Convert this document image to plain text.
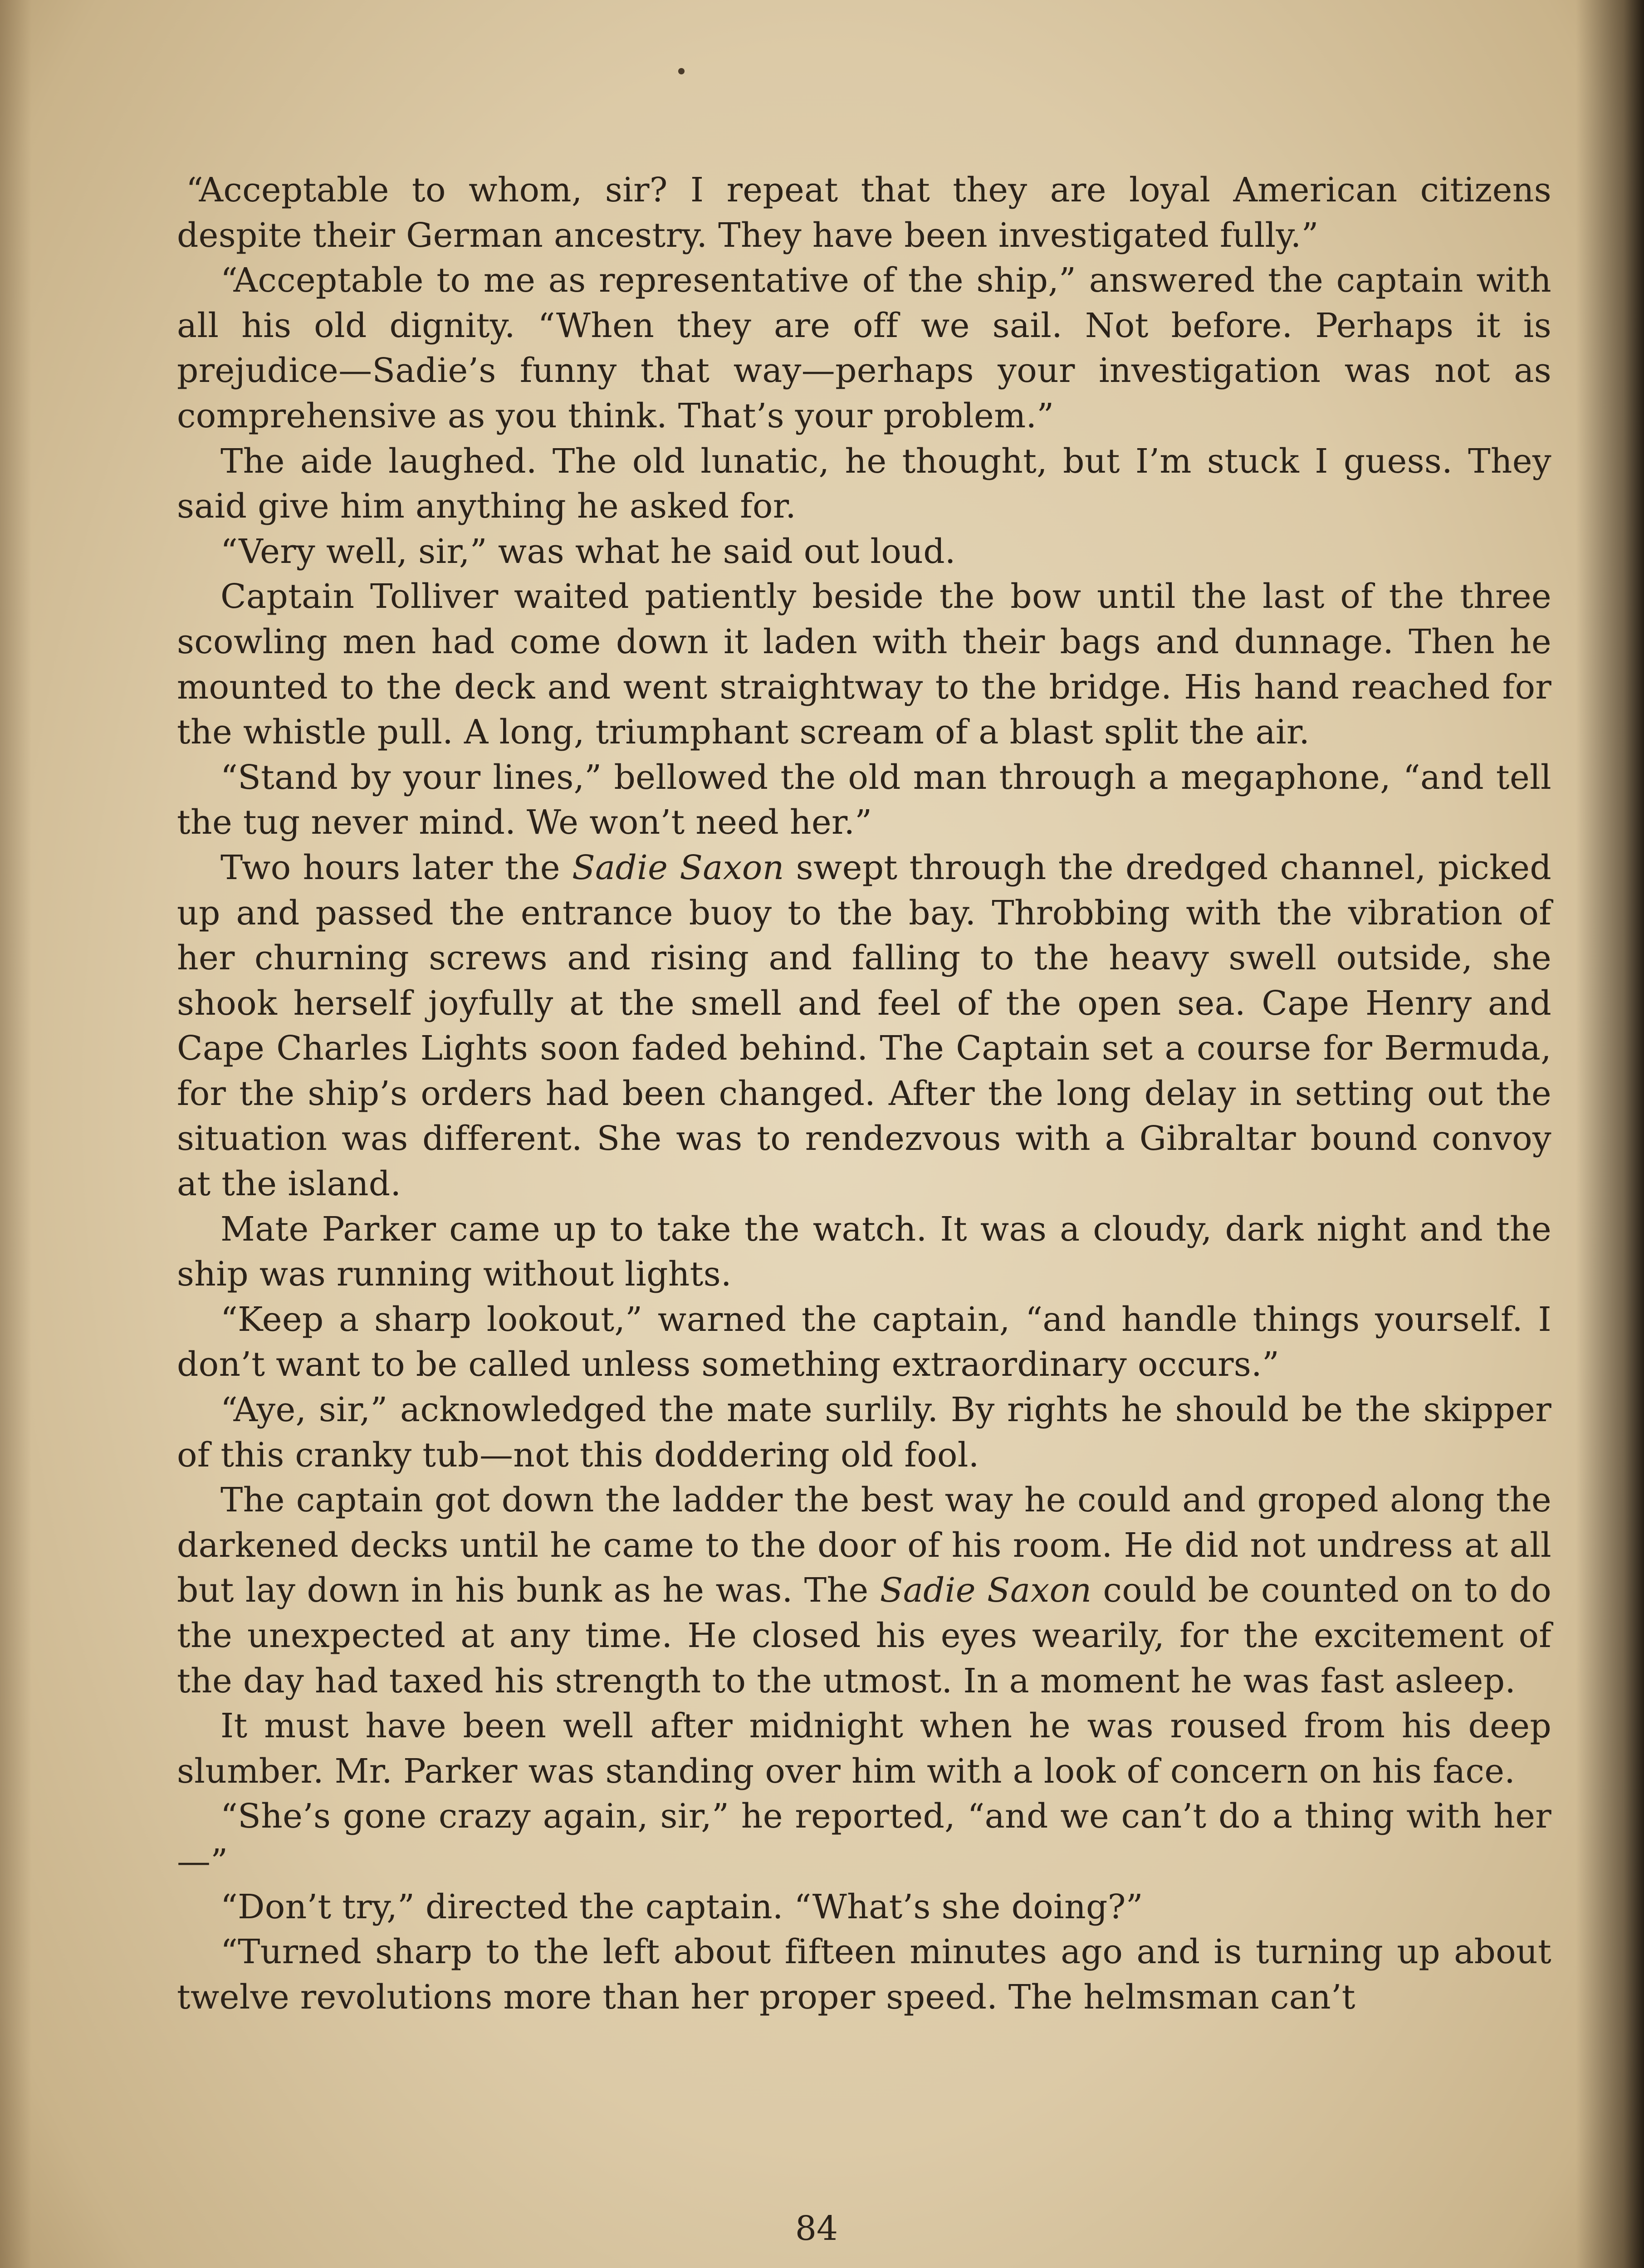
“Acceptable to whom, sir? I repeat that they are loyal American citizens despite their German ancestry. They have been investigated fully.”

“Acceptable to me as representative of the ship,” answered the captain with all his old dignity. “When they are off we sail. Not before. Perhaps it is prejudice—Sadie’s funny that way—perhaps your investigation was not as comprehensive as you think. That’s your problem.”

The aide laughed. The old lunatic, he thought, but I’m stuck I guess. They said give him anything he asked for.

“Very well, sir,” was what he said out loud.

Captain Tolliver waited patiently beside the bow until the last of the three scowling men had come down it laden with their bags and dunnage. Then he mounted to the deck and went straightway to the bridge. His hand reached for the whistle pull. A long, triumphant scream of a blast split the air.

“Stand by your lines,” bellowed the old man through a megaphone, “and tell the tug never mind. We won’t need her.”

Two hours later the Sadie Saxon swept through the dredged channel, picked up and passed the entrance buoy to the bay. Throbbing with the vibration of her churning screws and rising and falling to the heavy swell outside, she shook herself joyfully at the smell and feel of the open sea. Cape Henry and Cape Charles Lights soon faded behind. The Captain set a course for Bermuda, for the ship’s orders had been changed. After the long delay in setting out the situation was different. She was to rendezvous with a Gibraltar bound convoy at the island.

Mate Parker came up to take the watch. It was a cloudy, dark night and the ship was running without lights.

“Keep a sharp lookout,” warned the captain, “and handle things yourself. I don’t want to be called unless something extraordinary occurs.”

“Aye, sir,” acknowledged the mate surlily. By rights he should be the skipper of this cranky tub—not this doddering old fool.

The captain got down the ladder the best way he could and groped along the darkened decks until he came to the door of his room. He did not undress at all but lay down in his bunk as he was. The Sadie Saxon could be counted on to do the unexpected at any time. He closed his eyes wearily, for the excitement of the day had taxed his strength to the utmost. In a moment he was fast asleep.

It must have been well after midnight when he was roused from his deep slumber. Mr. Parker was standing over him with a look of concern on his face.

“She’s gone crazy again, sir,” he reported, “and we can’t do a thing with her—”

“Don’t try,” directed the captain. “What’s she doing?”

“Turned sharp to the left about fifteen minutes ago and is turning up about twelve revolutions more than her proper speed. The helmsman can’t

84
